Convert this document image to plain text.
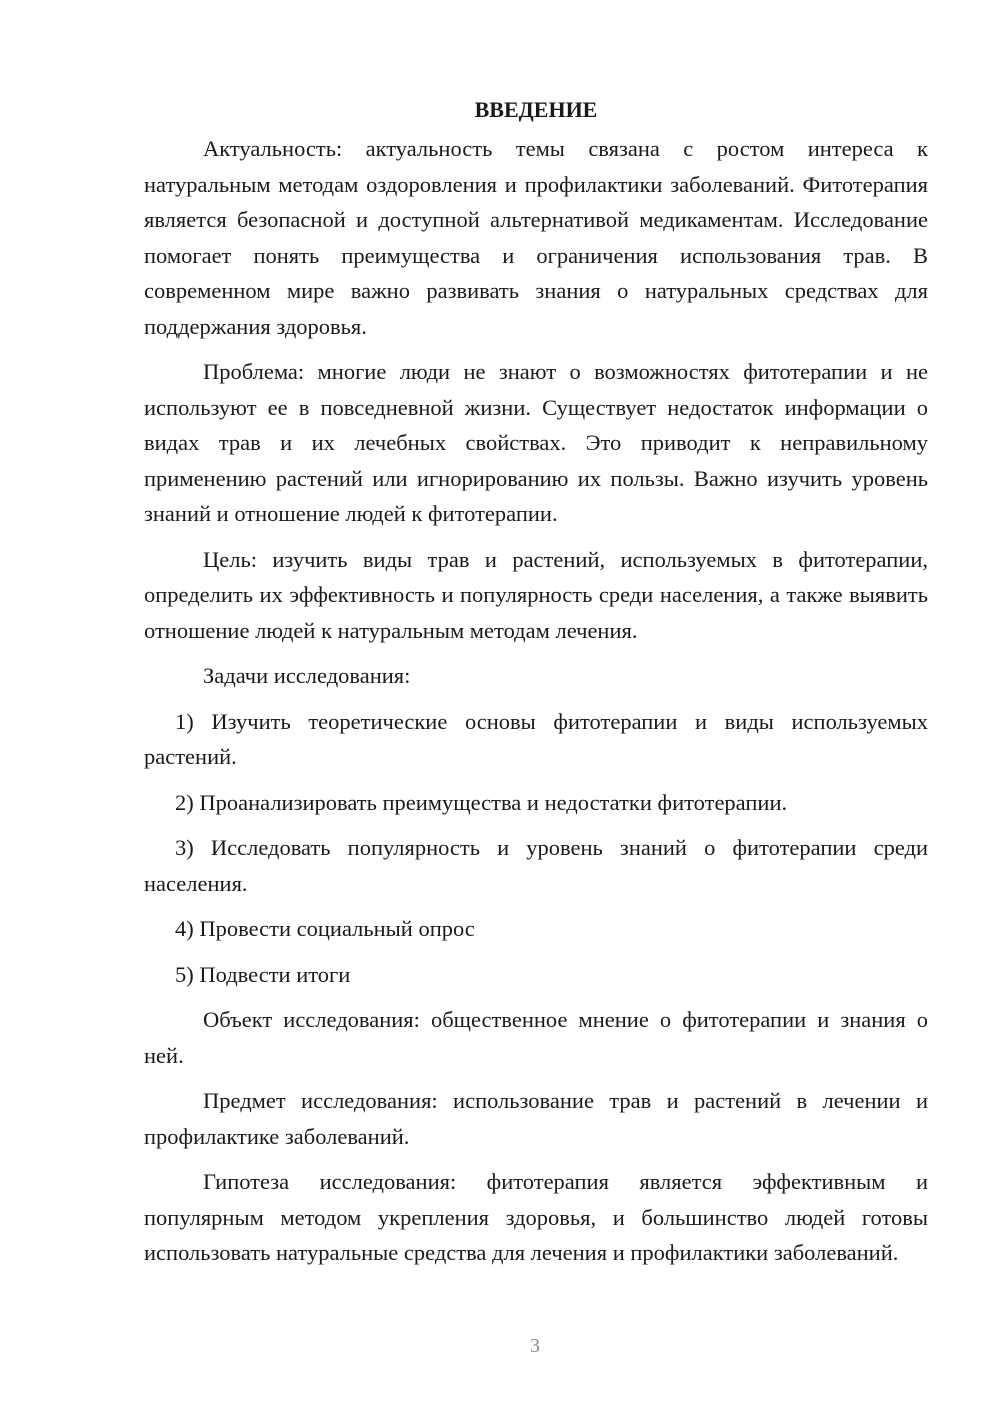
ВВЕДЕНИЕ

Актуальность: актуальность темы связана с ростом интереса к натуральным методам оздоровления и профилактики заболеваний. Фитотерапия является безопасной и доступной альтернативой медикаментам. Исследование помогает понять преимущества и ограничения использования трав. В современном мире важно развивать знания о натуральных средствах для поддержания здоровья.

Проблема: многие люди не знают о возможностях фитотерапии и не используют ее в повседневной жизни. Существует недостаток информации о видах трав и их лечебных свойствах. Это приводит к неправильному применению растений или игнорированию их пользы. Важно изучить уровень знаний и отношение людей к фитотерапии.

Цель: изучить виды трав и растений, используемых в фитотерапии, определить их эффективность и популярность среди населения, а также выявить отношение людей к натуральным методам лечения.

Задачи исследования:

1) Изучить теоретические основы фитотерапии и виды используемых растений.

2) Проанализировать преимущества и недостатки фитотерапии.

3) Исследовать популярность и уровень знаний о фитотерапии среди населения.

4) Провести социальный опрос

5) Подвести итоги

Объект исследования: общественное мнение о фитотерапии и знания о ней.

Предмет исследования: использование трав и растений в лечении и профилактике заболеваний.

Гипотеза исследования: фитотерапия является эффективным и популярным методом укрепления здоровья, и большинство людей готовы использовать натуральные средства для лечения и профилактики заболеваний.

3
